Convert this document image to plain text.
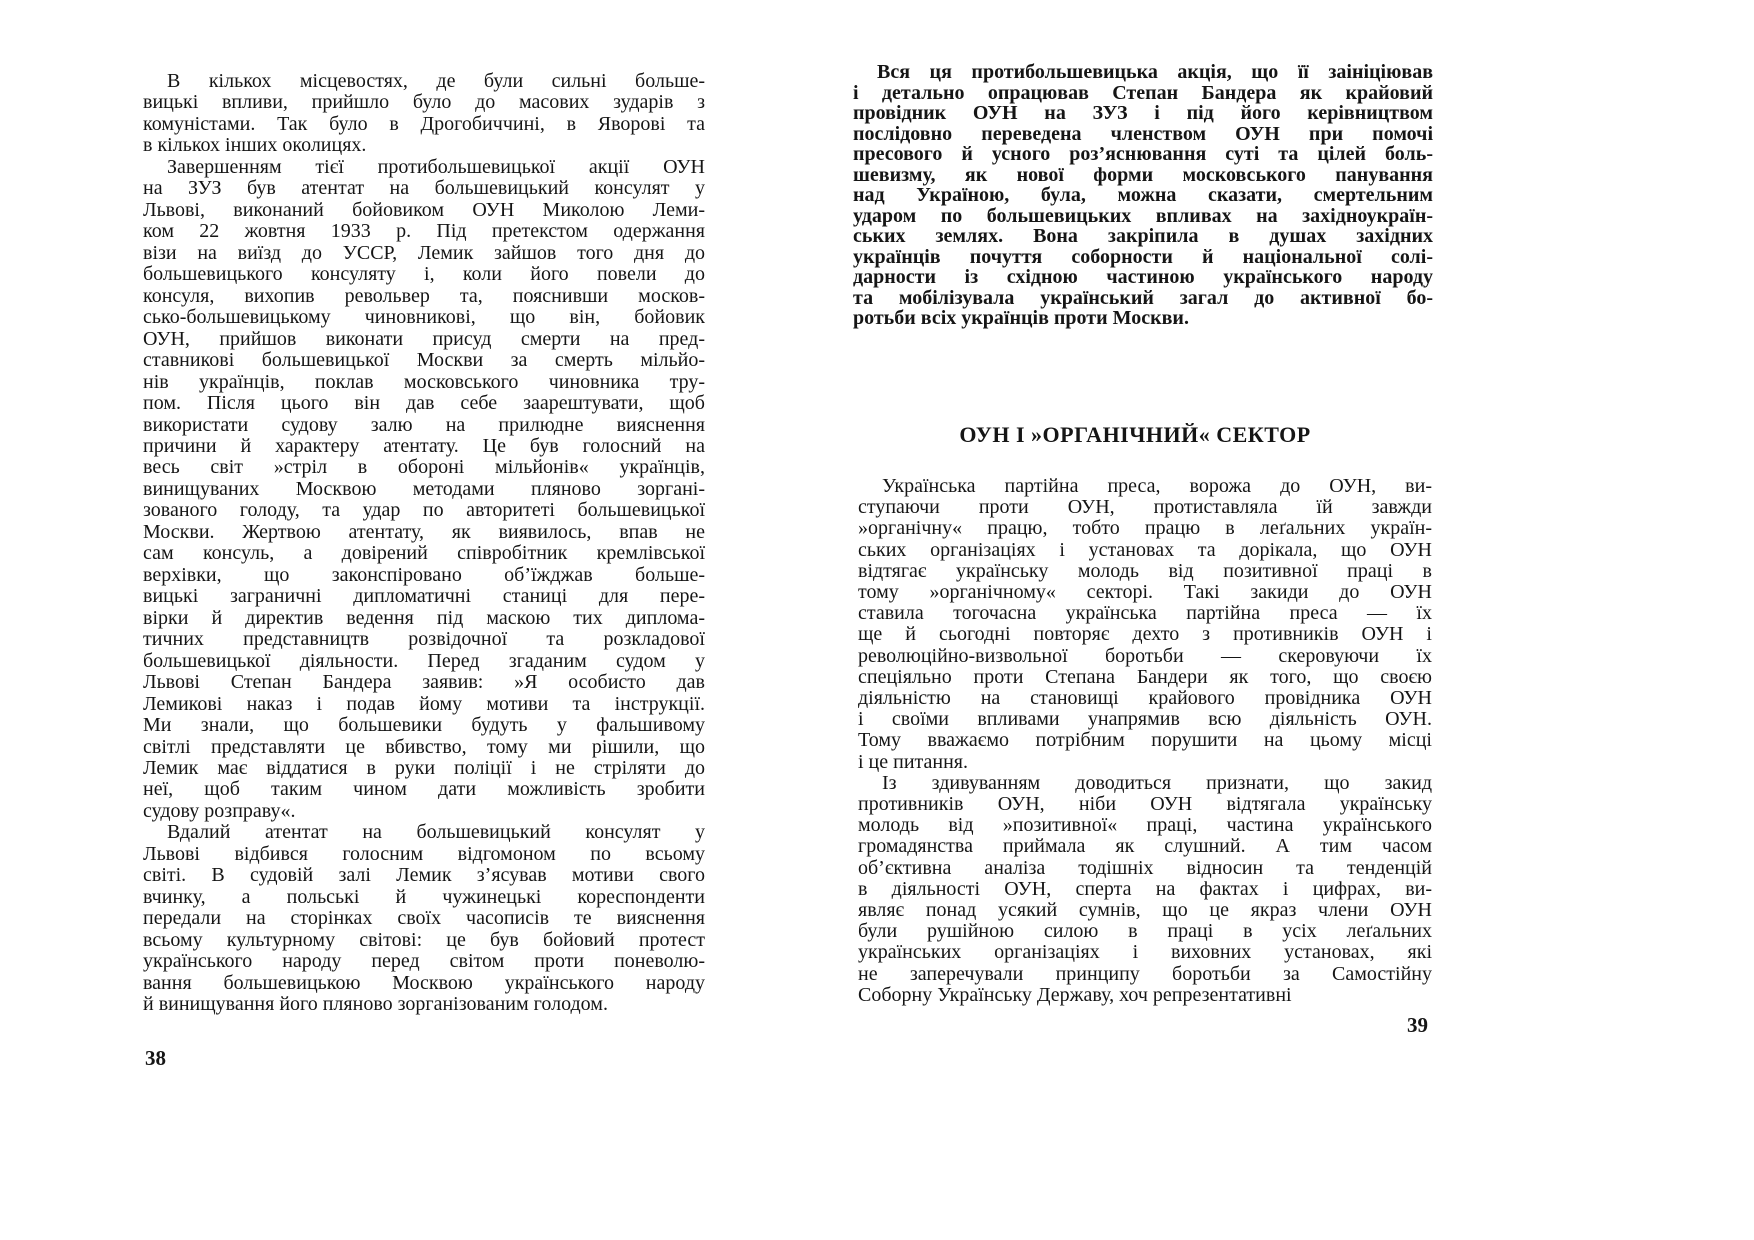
В кількох місцевостях, де були сильні больше-
вицькі впливи, прийшло було до масових зударів з
комуністами. Так було в Дрогобиччині, в Яворові та
в кількох інших околицях.
Завершенням тієї протибольшевицької акції ОУН
на ЗУЗ був атентат на большевицький консулят у
Львові, виконаний бойовиком ОУН Миколою Леми-
ком 22 жовтня 1933 р. Під претекстом одержання
візи на виїзд до УССР, Лемик зайшов того дня до
большевицького консуляту і, коли його повели до
консуля, вихопив револьвер та, пояснивши москов-
сько-большевицькому чиновникові, що він, бойовик
ОУН, прийшов виконати присуд смерти на пред-
ставникові большевицької Москви за смерть мільйо-
нів українців, поклав московського чиновника тру-
пом. Після цього він дав себе заарештувати, щоб
використати судову залю на прилюдне вияснення
причини й характеру атентату. Це був голосний на
весь світ »стріл в обороні мільйонів« українців,
винищуваних Москвою методами пляново зоргані-
зованого голоду, та удар по авторитеті большевицької
Москви. Жертвою атентату, як виявилось, впав не
сам консуль, а довірений співробітник кремлівської
верхівки, що законспіровано об’їжджав больше-
вицькі заграничні дипломатичні станиці для пере-
вірки й директив ведення під маскою тих диплома-
тичних представництв розвідочної та розкладової
большевицької діяльности. Перед згаданим судом у
Львові Степан Бандера заявив: »Я особисто дав
Лемикові наказ і подав йому мотиви та інструкції.
Ми знали, що большевики будуть у фальшивому
світлі представляти це вбивство, тому ми рішили, що
Лемик має віддатися в руки поліції і не стріляти до
неї, щоб таким чином дати можливість зробити
судову розправу«.
Вдалий атентат на большевицький консулят у
Львові відбився голосним відгомоном по всьому
світі. В судовій залі Лемик з’ясував мотиви свого
вчинку, а польські й чужинецькі кореспонденти
передали на сторінках своїх часописів те вияснення
всьому культурному світові: це був бойовий протест
українського народу перед світом проти поневолю-
вання большевицькою Москвою українського народу
й винищування його пляново зорганізованим голодом.
38
Вся ця протибольшевицька акція, що її заініціював
і детально опрацював Степан Бандера як крайовий
провідник ОУН на ЗУЗ і під його керівництвом
послідовно переведена членством ОУН при помочі
пресового й усного роз’яснювання суті та цілей боль-
шевизму, як нової форми московського панування
над Україною, була, можна сказати, смертельним
ударом по большевицьких впливах на західноукраїн-
ських землях. Вона закріпила в душах західних
українців почуття соборности й національної солі-
дарности із східною частиною українського народу
та мобілізувала український загал до активної бо-
ротьби всіх українців проти Москви.
ОУН І »ОРГАНІЧНИЙ« СЕКТОР
Українська партійна преса, ворожа до ОУН, ви-
ступаючи проти ОУН, протиставляла їй завжди
»органічну« працю, тобто працю в леґальних україн-
ських організаціях і установах та дорікала, що ОУН
відтягає українську молодь від позитивної праці в
тому »органічному« секторі. Такі закиди до ОУН
ставила тогочасна українська партійна преса — їх
ще й сьогодні повторяє дехто з противників ОУН і
революційно-визвольної боротьби — скеровуючи їх
спеціяльно проти Степана Бандери як того, що своєю
діяльністю на становищі крайового провідника ОУН
і своїми впливами унапрямив всю діяльність ОУН.
Тому вважаємо потрібним порушити на цьому місці
і це питання.
Із здивуванням доводиться признати, що закид
противників ОУН, ніби ОУН відтягала українську
молодь від »позитивної« праці, частина українського
громадянства приймала як слушний. А тим часом
об’єктивна аналіза тодішніх відносин та тенденцій
в діяльності ОУН, сперта на фактах і цифрах, ви-
являє понад усякий сумнів, що це якраз члени ОУН
були рушійною силою в праці в усіх леґальних
українських організаціях і виховних установах, які
не заперечували принципу боротьби за Самостійну
Соборну Українську Державу, хоч репрезентативні
39
